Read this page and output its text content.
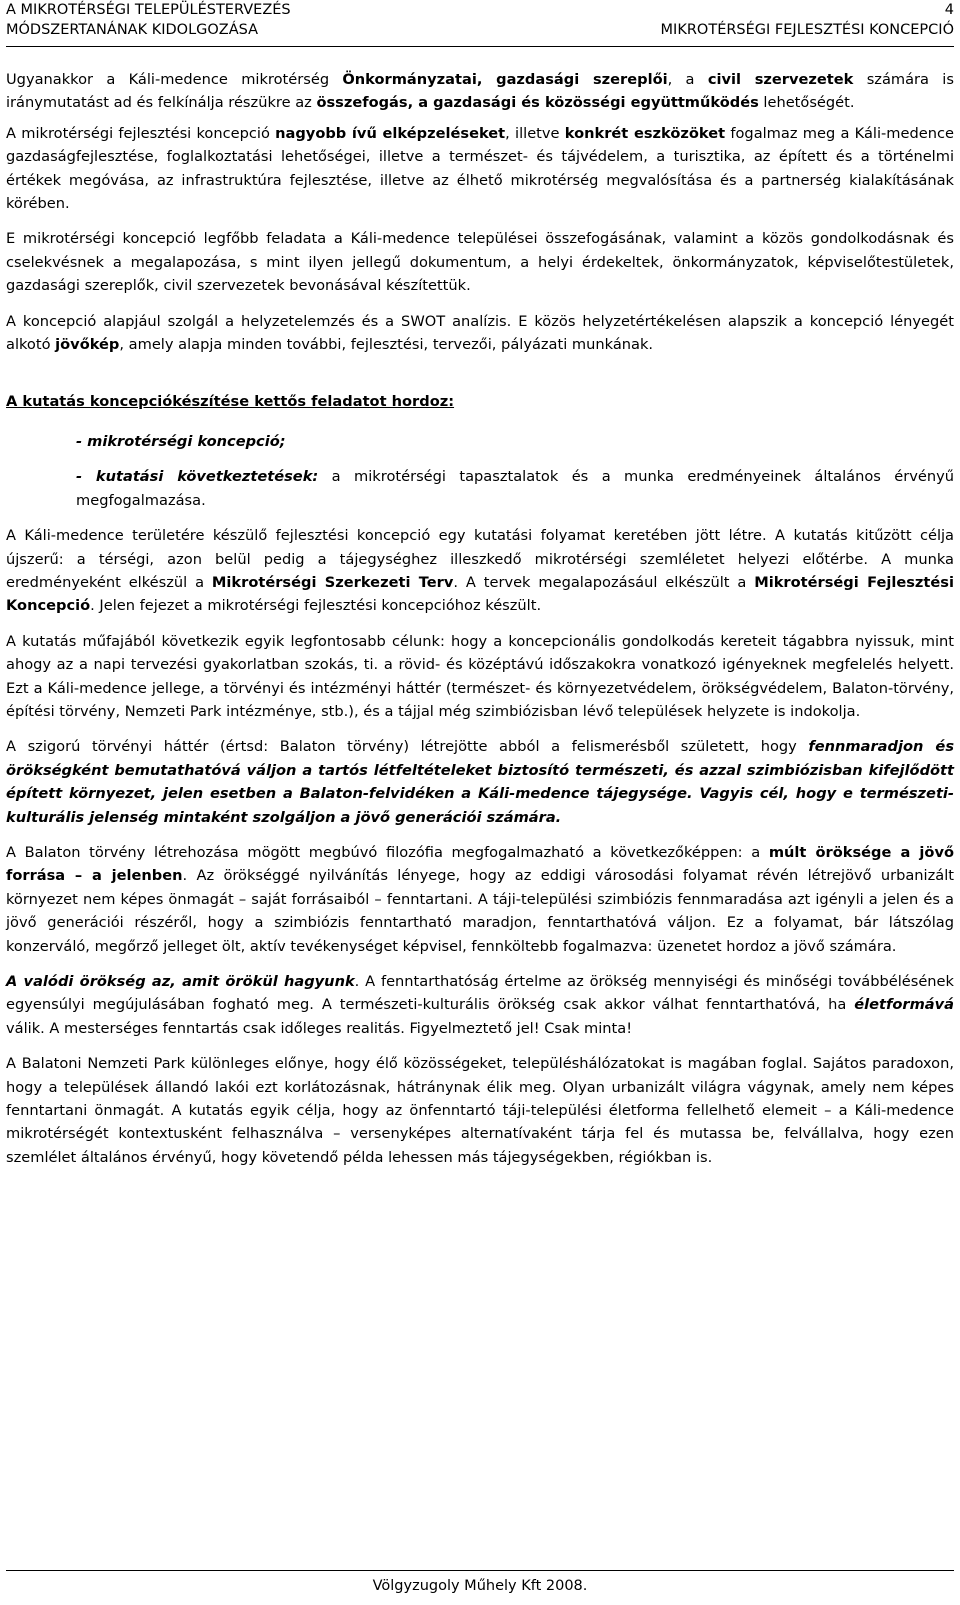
A MIKROTÉRSÉGI TELEPÜLÉSTERVEZÉS	4
MÓDSZERTANÁNAK KIDOLGOZÁSA	MIKROTÉRSÉGI FEJLESZTÉSI KONCEPCIÓ

Ugyanakkor a Káli-medence mikrotérség Önkormányzatai, gazdasági szereplői, a civil szervezetek számára is iránymutatást ad és felkínálja részükre az összefogás, a gazdasági és közösségi együttműködés lehetőségét.

A mikrotérségi fejlesztési koncepció nagyobb ívű elképzeléseket, illetve konkrét eszközöket fogalmaz meg a Káli-medence gazdaságfejlesztése, foglalkoztatási lehetőségei, illetve a természet- és tájvédelem, a turisztika, az épített és a történelmi értékek megóvása, az infrastruktúra fejlesztése, illetve az élhető mikrotérség megvalósítása és a partnerség kialakításának körében.

E mikrotérségi koncepció legfőbb feladata a Káli-medence települései összefogásának, valamint a közös gondolkodásnak és cselekvésnek a megalapozása, s mint ilyen jellegű dokumentum, a helyi érdekeltek, önkormányzatok, képviselőtestületek, gazdasági szereplők, civil szervezetek bevonásával készítettük.

A koncepció alapjául szolgál a helyzetelemzés és a SWOT analízis. E közös helyzetértékelésen alapszik a koncepció lényegét alkotó jövőkép, amely alapja minden további, fejlesztési, tervezői, pályázati munkának.

A kutatás koncepciókészítése kettős feladatot hordoz:

- mikrotérségi koncepció;

- kutatási következtetések: a mikrotérségi tapasztalatok és a munka eredményeinek általános érvényű megfogalmazása.

A Káli-medence területére készülő fejlesztési koncepció egy kutatási folyamat keretében jött létre. A kutatás kitűzött célja újszerű: a térségi, azon belül pedig a tájegységhez illeszkedő mikrotérségi szemléletet helyezi előtérbe. A munka eredményeként elkészül a Mikrotérségi Szerkezeti Terv. A tervek megalapozásául elkészült a Mikrotérségi Fejlesztési Koncepció. Jelen fejezet a mikrotérségi fejlesztési koncepcióhoz készült.

A kutatás műfajából következik egyik legfontosabb célunk: hogy a koncepcionális gondolkodás kereteit tágabbra nyissuk, mint ahogy az a napi tervezési gyakorlatban szokás, ti. a rövid- és középtávú időszakokra vonatkozó igényeknek megfelelés helyett. Ezt a Káli-medence jellege, a törvényi és intézményi háttér (természet- és környezetvédelem, örökségvédelem, Balaton-törvény, építési törvény, Nemzeti Park intézménye, stb.), és a tájjal még szimbiózisban lévő települések helyzete is indokolja.

A szigorú törvényi háttér (értsd: Balaton törvény) létrejötte abból a felismerésből született, hogy fennmaradjon és örökségként bemutathatóvá váljon a tartós létfeltételeket biztosító természeti, és azzal szimbiózisban kifejlődött épített környezet, jelen esetben a Balaton-felvidéken a Káli-medence tájegysége. Vagyis cél, hogy e természeti-kulturális jelenség mintaként szolgáljon a jövő generációi számára.

A Balaton törvény létrehozása mögött megbúvó filozófia megfogalmazható a következőképpen: a múlt öröksége a jövő forrása – a jelenben. Az örökséggé nyilvánítás lényege, hogy az eddigi városodási folyamat révén létrejövő urbanizált környezet nem képes önmagát – saját forrásaiból – fenntartani. A táji-települési szimbiózis fennmaradása azt igényli a jelen és a jövő generációi részéről, hogy a szimbiózis fenntartható maradjon, fenntarthatóvá váljon. Ez a folyamat, bár látszólag konzerváló, megőrző jelleget ölt, aktív tevékenységet képvisel, fennköltebb fogalmazva: üzenetet hordoz a jövő számára.

A valódi örökség az, amit örökül hagyunk. A fenntarthatóság értelme az örökség mennyiségi és minőségi továbbélésének egyensúlyi megújulásában fogható meg. A természeti-kulturális örökség csak akkor válhat fenntarthatóvá, ha életformává válik. A mesterséges fenntartás csak időleges realitás. Figyelmeztető jel! Csak minta!

A Balatoni Nemzeti Park különleges előnye, hogy élő közösségeket, településhálózatokat is magában foglal. Sajátos paradoxon, hogy a települések állandó lakói ezt korlátozásnak, hátránynak élik meg. Olyan urbanizált világra vágynak, amely nem képes fenntartani önmagát. A kutatás egyik célja, hogy az önfenntartó táji-települési életforma fellelhető elemeit – a Káli-medence mikrotérségét kontextusként felhasználva – versenyképes alternatívaként tárja fel és mutassa be, felvállalva, hogy ezen szemlélet általános érvényű, hogy követendő példa lehessen más tájegységekben, régiókban is.

Völgyzugoly Műhely Kft 2008.
